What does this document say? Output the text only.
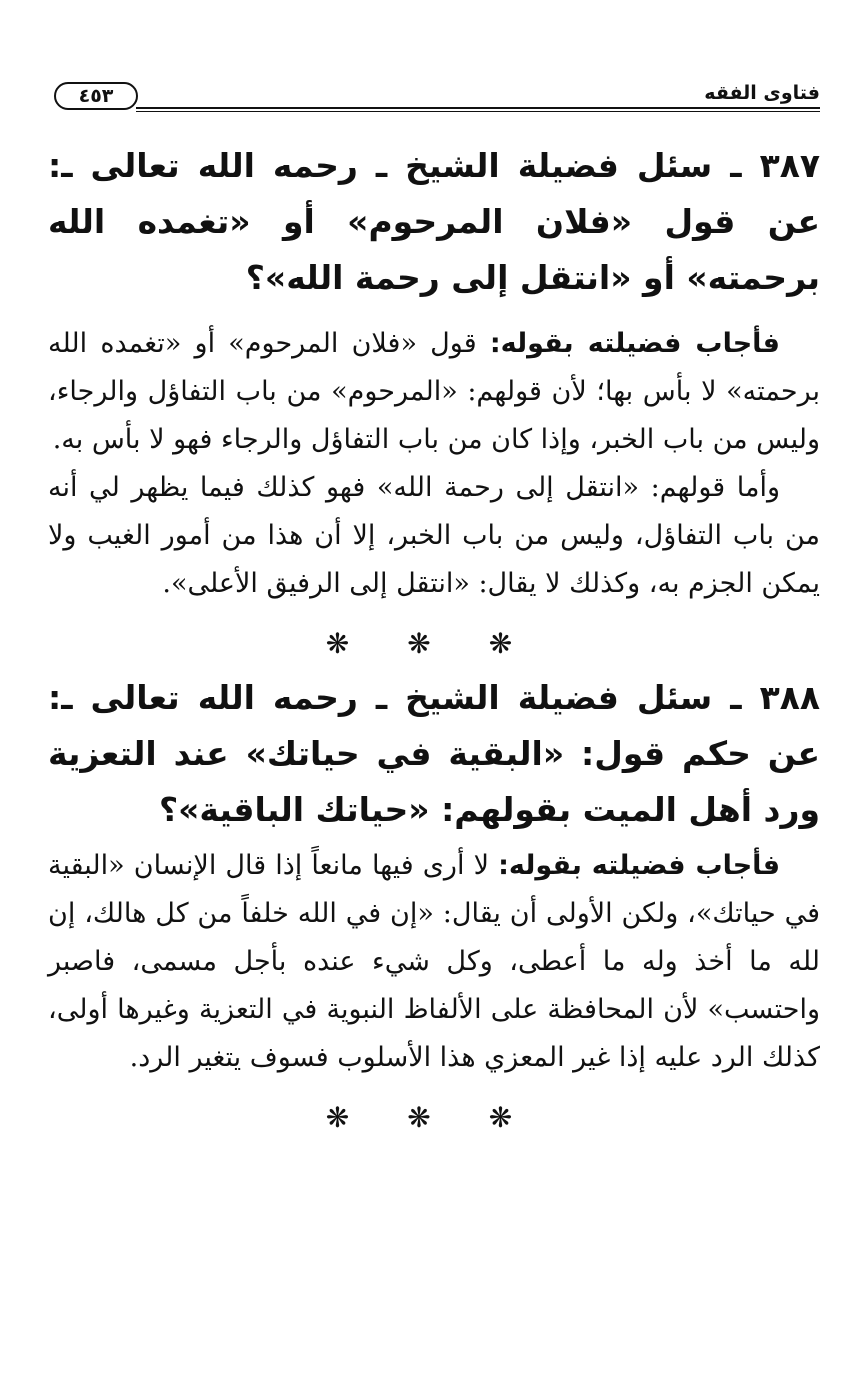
فتاوى الفقه
٤٥٣

٣٨٧ ـ سئل فضيلة الشيخ ـ رحمه الله تعالى ـ: عن قول «فلان المرحوم» أو «تغمده الله برحمته» أو «انتقل إلى رحمة الله»؟

فأجاب فضيلته بقوله: قول «فلان المرحوم» أو «تغمده الله برحمته» لا بأس بها؛ لأن قولهم: «المرحوم» من باب التفاؤل والرجاء، وليس من باب الخبر، وإذا كان من باب التفاؤل والرجاء فهو لا بأس به.

وأما قولهم: «انتقل إلى رحمة الله» فهو كذلك فيما يظهر لي أنه من باب التفاؤل، وليس من باب الخبر، إلا أن هذا من أمور الغيب ولا يمكن الجزم به، وكذلك لا يقال: «انتقل إلى الرفيق الأعلى».

❋ ❋ ❋

٣٨٨ ـ سئل فضيلة الشيخ ـ رحمه الله تعالى ـ: عن حكم قول: «البقية في حياتك» عند التعزية ورد أهل الميت بقولهم: «حياتك الباقية»؟

فأجاب فضيلته بقوله: لا أرى فيها مانعاً إذا قال الإنسان «البقية في حياتك»، ولكن الأولى أن يقال: «إن في الله خلفاً من كل هالك، إن لله ما أخذ وله ما أعطى، وكل شيء عنده بأجل مسمى، فاصبر واحتسب» لأن المحافظة على الألفاظ النبوية في التعزية وغيرها أولى، كذلك الرد عليه إذا غير المعزي هذا الأسلوب فسوف يتغير الرد.

❋ ❋ ❋
